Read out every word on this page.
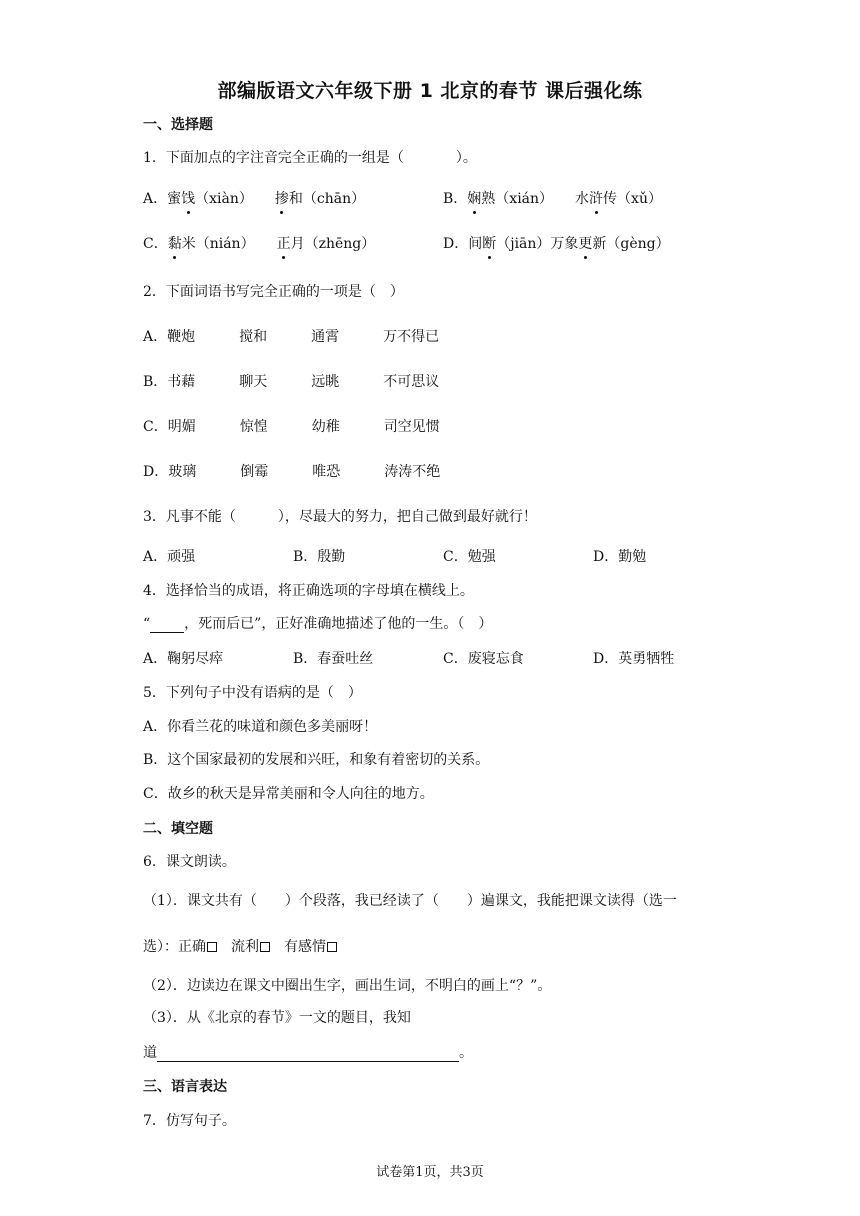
部编版语文六年级下册 1 北京的春节 课后强化练
一、选择题
1．下面加点的字注音完全正确的一组是（	）。
A．蜜饯（xiàn） 掺和（chān）	B．娴熟（xián） 水浒传（xǔ）
C．黏米（nián） 正月（zhēng）	D．间断（jiān）万象更新（gèng）
2．下面词语书写完全正确的一项是（　）
A．鞭炮	搅和	通霄	万不得已
B．书藉	聊天	远眺	不可思议
C．明媚	惊惶	幼稚	司空见惯
D．玻璃	倒霉	唯恐	涛涛不绝
3．凡事不能（	），尽最大的努力，把自己做到最好就行！
A．顽强	B．殷勤	C．勉强	D．勤勉
4．选择恰当的成语，将正确选项的字母填在横线上。
“ ，死而后已”，正好准确地描述了他的一生。（　）
A．鞠躬尽瘁	B．春蚕吐丝	C．废寝忘食	D．英勇牺牲
5．下列句子中没有语病的是（　）
A．你看兰花的味道和颜色多美丽呀！
B．这个国家最初的发展和兴旺，和象有着密切的关系。
C．故乡的秋天是异常美丽和令人向往的地方。
二、填空题
6．课文朗读。
（1）．课文共有（　　）个段落，我已经读了（　　）遍课文，我能把课文读得（选一
选）：正确 流利 有感情
（2）．边读边在课文中圈出生字，画出生词，不明白的画上“？”。
（3）．从《北京的春节》一文的题目，我知
道	。
三、语言表达
7．仿写句子。
试卷第1页，共3页
